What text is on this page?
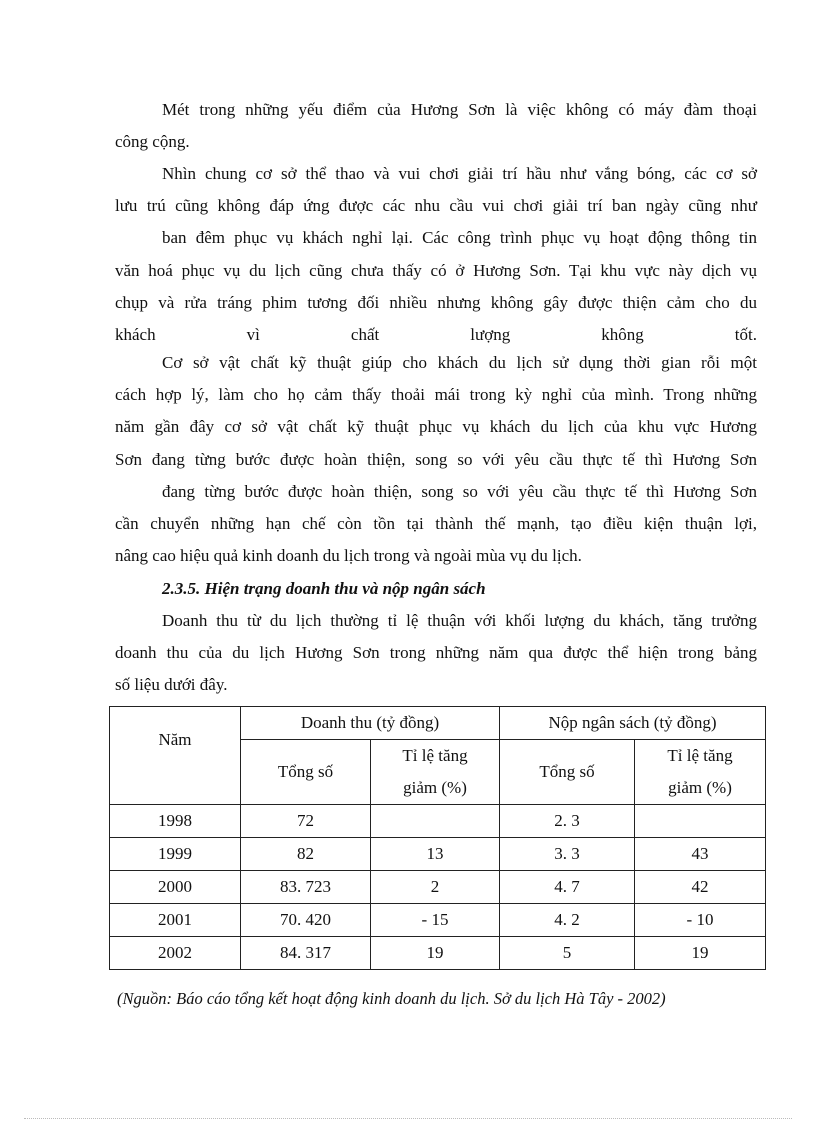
Mét trong những yếu điểm của Hương Sơn là việc không có máy đàm thoại
công cộng.
Nhìn chung cơ sở thể thao và vui chơi giải trí hầu như vắng bóng, các cơ sở
lưu trú cũng không đáp ứng được các nhu cầu vui chơi giải trí ban ngày cũng như
ban đêm phục vụ khách nghỉ lại. Các công trình phục vụ hoạt động thông tin
văn hoá phục vụ du lịch cũng chưa thấy có ở Hương Sơn. Tại khu vực này dịch vụ
chụp và rửa tráng phim tương đối nhiều nhưng không gây được thiện cảm cho du
khách vì chất lượng không tốt.
Cơ sở vật chất kỹ thuật giúp cho khách du lịch sử dụng thời gian rỗi một
cách hợp lý, làm cho họ cảm thấy thoải mái trong kỳ nghỉ của mình. Trong những
năm gần đây cơ sở vật chất kỹ thuật phục vụ khách du lịch của khu vực Hương
Sơn đang từng bước được hoàn thiện, song so với yêu cầu thực tế thì Hương Sơn
đang từng bước được hoàn thiện, song so với yêu cầu thực tế thì Hương Sơn
cần chuyển những hạn chế còn tồn tại thành thế mạnh, tạo điều kiện thuận lợi,
nâng cao hiệu quả kinh doanh du lịch trong và ngoài mùa vụ du lịch.
2.3.5. Hiện trạng doanh thu và nộp ngân sách
Doanh thu từ du lịch thường tỉ lệ thuận với khối lượng du khách, tăng trưởng
doanh thu của du lịch Hương Sơn trong những năm qua được thể hiện trong bảng
số liệu dưới đây.
Năm	Doanh thu (tỷ đồng)		Nộp ngân sách (tỷ đồng)	
	Tổng số	Tỉ lệ tăng
giảm (%)	Tổng số	Tỉ lệ tăng
giảm (%)

1998	72		2. 3	
1999	82	13	3. 3	43
2000	83. 723	2	4. 7	42
2001	70. 420	- 15	4. 2	- 10
2002	84. 317	19	5	19

(Nguồn: Báo cáo tổng kết hoạt động kinh doanh du lịch. Sở du lịch Hà Tây - 2002)
